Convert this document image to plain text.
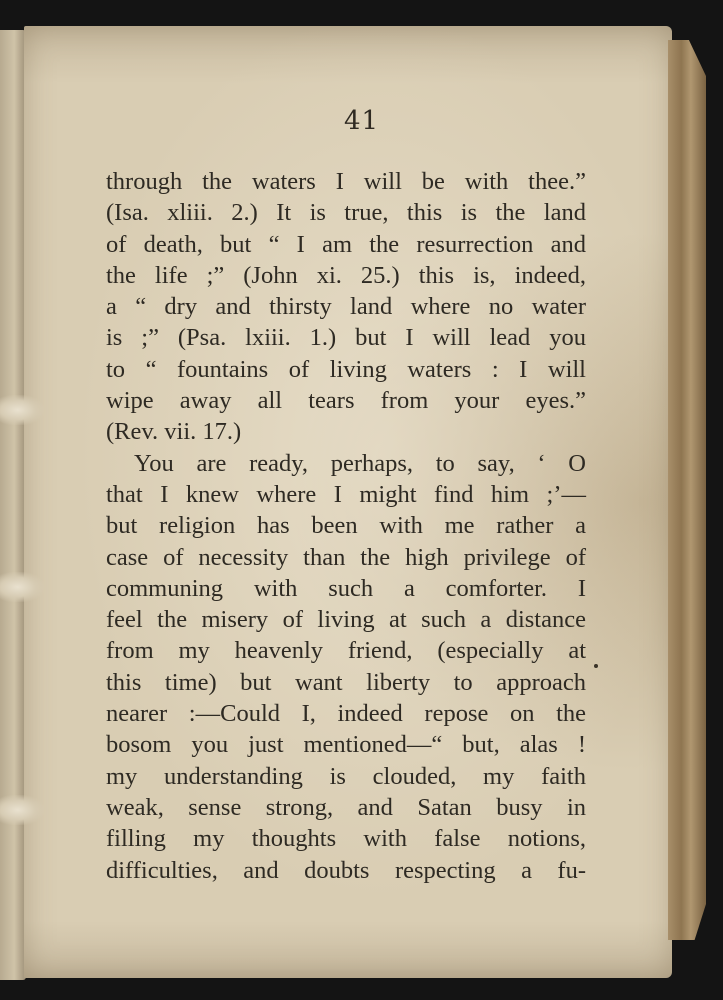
41
through the waters I will be with thee.”
(Isa. xliii. 2.) It is true, this is the land
of death, but “ I am the resurrection and
the life ;” (John xi. 25.) this is, indeed,
a “ dry and thirsty land where no water
is ;” (Psa. lxiii. 1.) but I will lead you
to “ fountains of living waters : I will
wipe away all tears from your eyes.”
(Rev. vii. 17.)
You are ready, perhaps, to say, ‘ O
that I knew where I might find him ;’—
but religion has been with me rather a
case of necessity than the high privilege of
communing with such a comforter. I
feel the misery of living at such a distance
from my heavenly friend, (especially at
this time) but want liberty to approach
nearer :—Could I, indeed repose on the
bosom you just mentioned—“ but, alas !
my understanding is clouded, my faith
weak, sense strong, and Satan busy in
filling my thoughts with false notions,
difficulties, and doubts respecting a fu-
